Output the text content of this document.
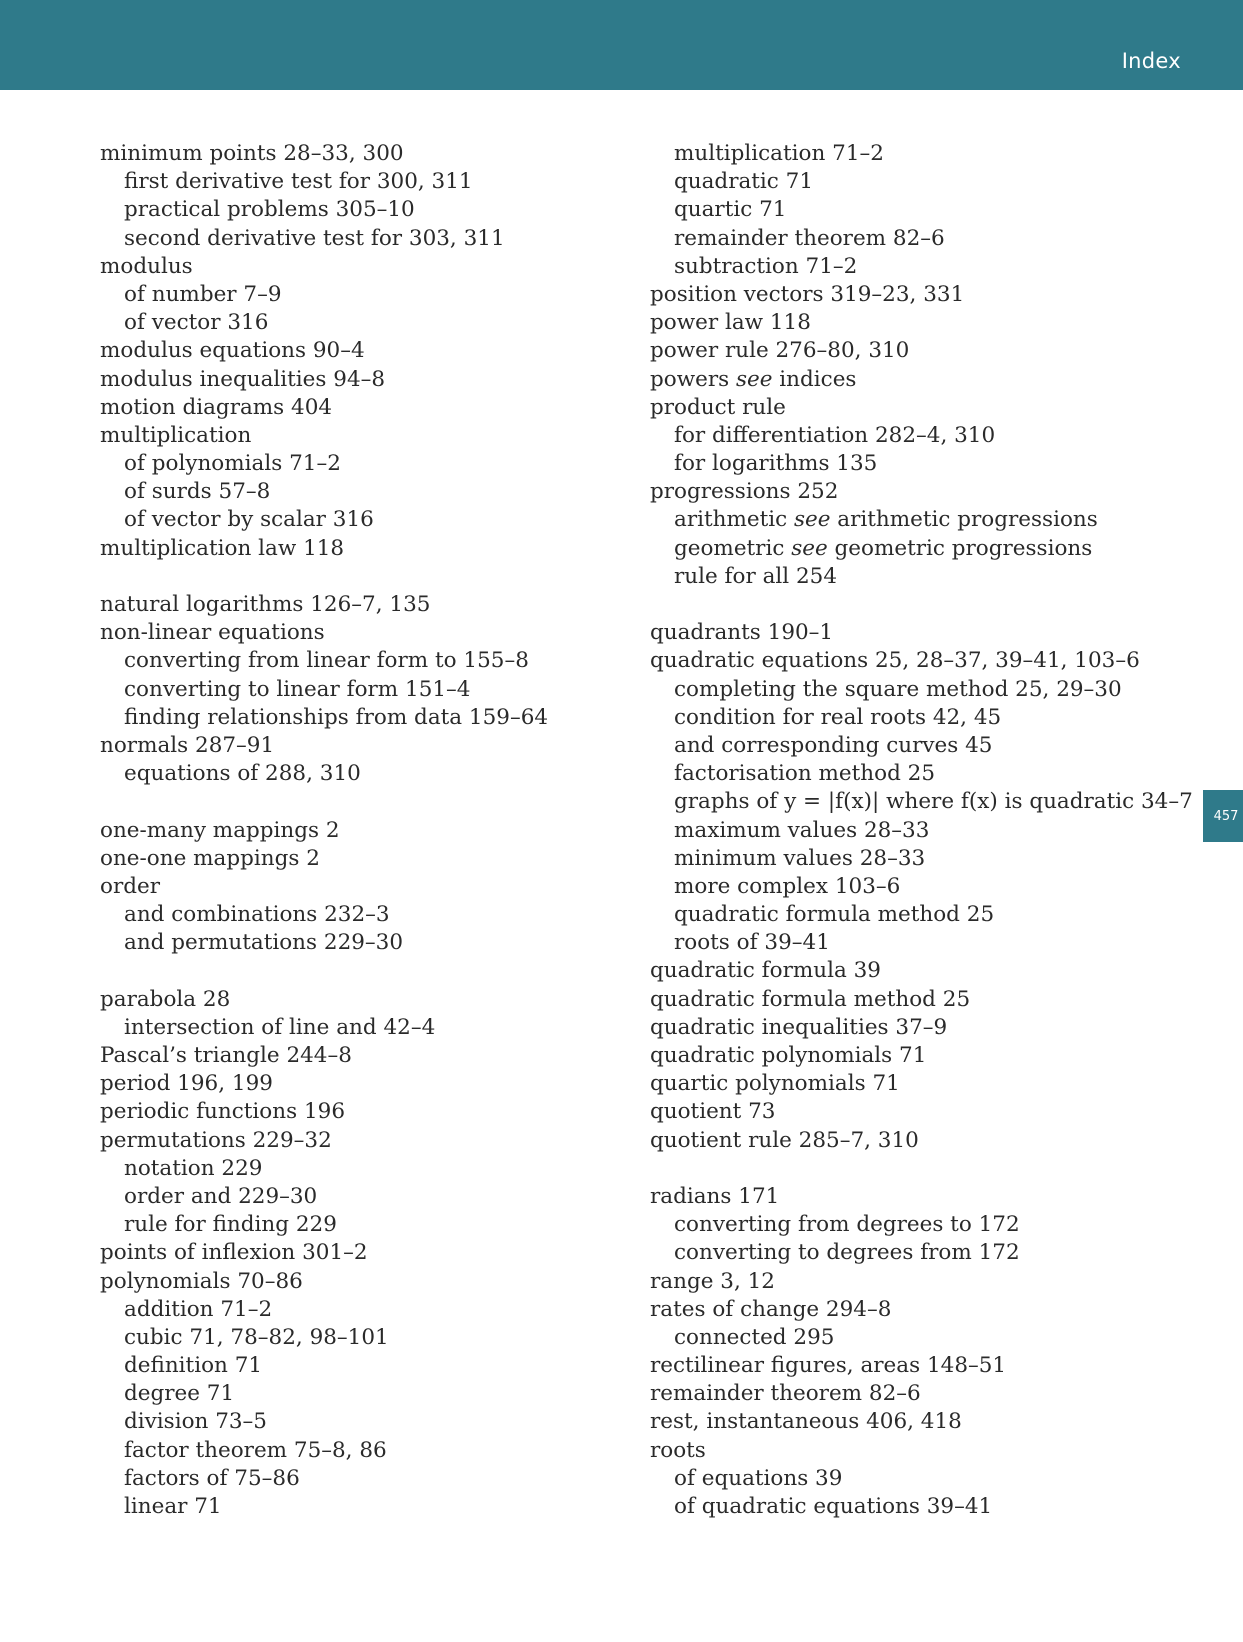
Index
457
minimum points 28–33, 300
first derivative test for 300, 311
practical problems 305–10
second derivative test for 303, 311
modulus
of number 7–9
of vector 316
modulus equations 90–4
modulus inequalities 94–8
motion diagrams 404
multiplication
of polynomials 71–2
of surds 57–8
of vector by scalar 316
multiplication law 118
natural logarithms 126–7, 135
non-linear equations
converting from linear form to 155–8
converting to linear form 151–4
finding relationships from data 159–64
normals 287–91
equations of 288, 310
one-many mappings 2
one-one mappings 2
order
and combinations 232–3
and permutations 229–30
parabola 28
intersection of line and 42–4
Pascal’s triangle 244–8
period 196, 199
periodic functions 196
permutations 229–32
notation 229
order and 229–30
rule for finding 229
points of inflexion 301–2
polynomials 70–86
addition 71–2
cubic 71, 78–82, 98–101
definition 71
degree 71
division 73–5
factor theorem 75–8, 86
factors of 75–86
linear 71
multiplication 71–2
quadratic 71
quartic 71
remainder theorem 82–6
subtraction 71–2
position vectors 319–23, 331
power law 118
power rule 276–80, 310
powers see indices
product rule
for differentiation 282–4, 310
for logarithms 135
progressions 252
arithmetic see arithmetic progressions
geometric see geometric progressions
rule for all 254
quadrants 190–1
quadratic equations 25, 28–37, 39–41, 103–6
completing the square method 25, 29–30
condition for real roots 42, 45
and corresponding curves 45
factorisation method 25
graphs of y = |f(x)| where f(x) is quadratic 34–7
maximum values 28–33
minimum values 28–33
more complex 103–6
quadratic formula method 25
roots of 39–41
quadratic formula 39
quadratic formula method 25
quadratic inequalities 37–9
quadratic polynomials 71
quartic polynomials 71
quotient 73
quotient rule 285–7, 310
radians 171
converting from degrees to 172
converting to degrees from 172
range 3, 12
rates of change 294–8
connected 295
rectilinear figures, areas 148–51
remainder theorem 82–6
rest, instantaneous 406, 418
roots
of equations 39
of quadratic equations 39–41
